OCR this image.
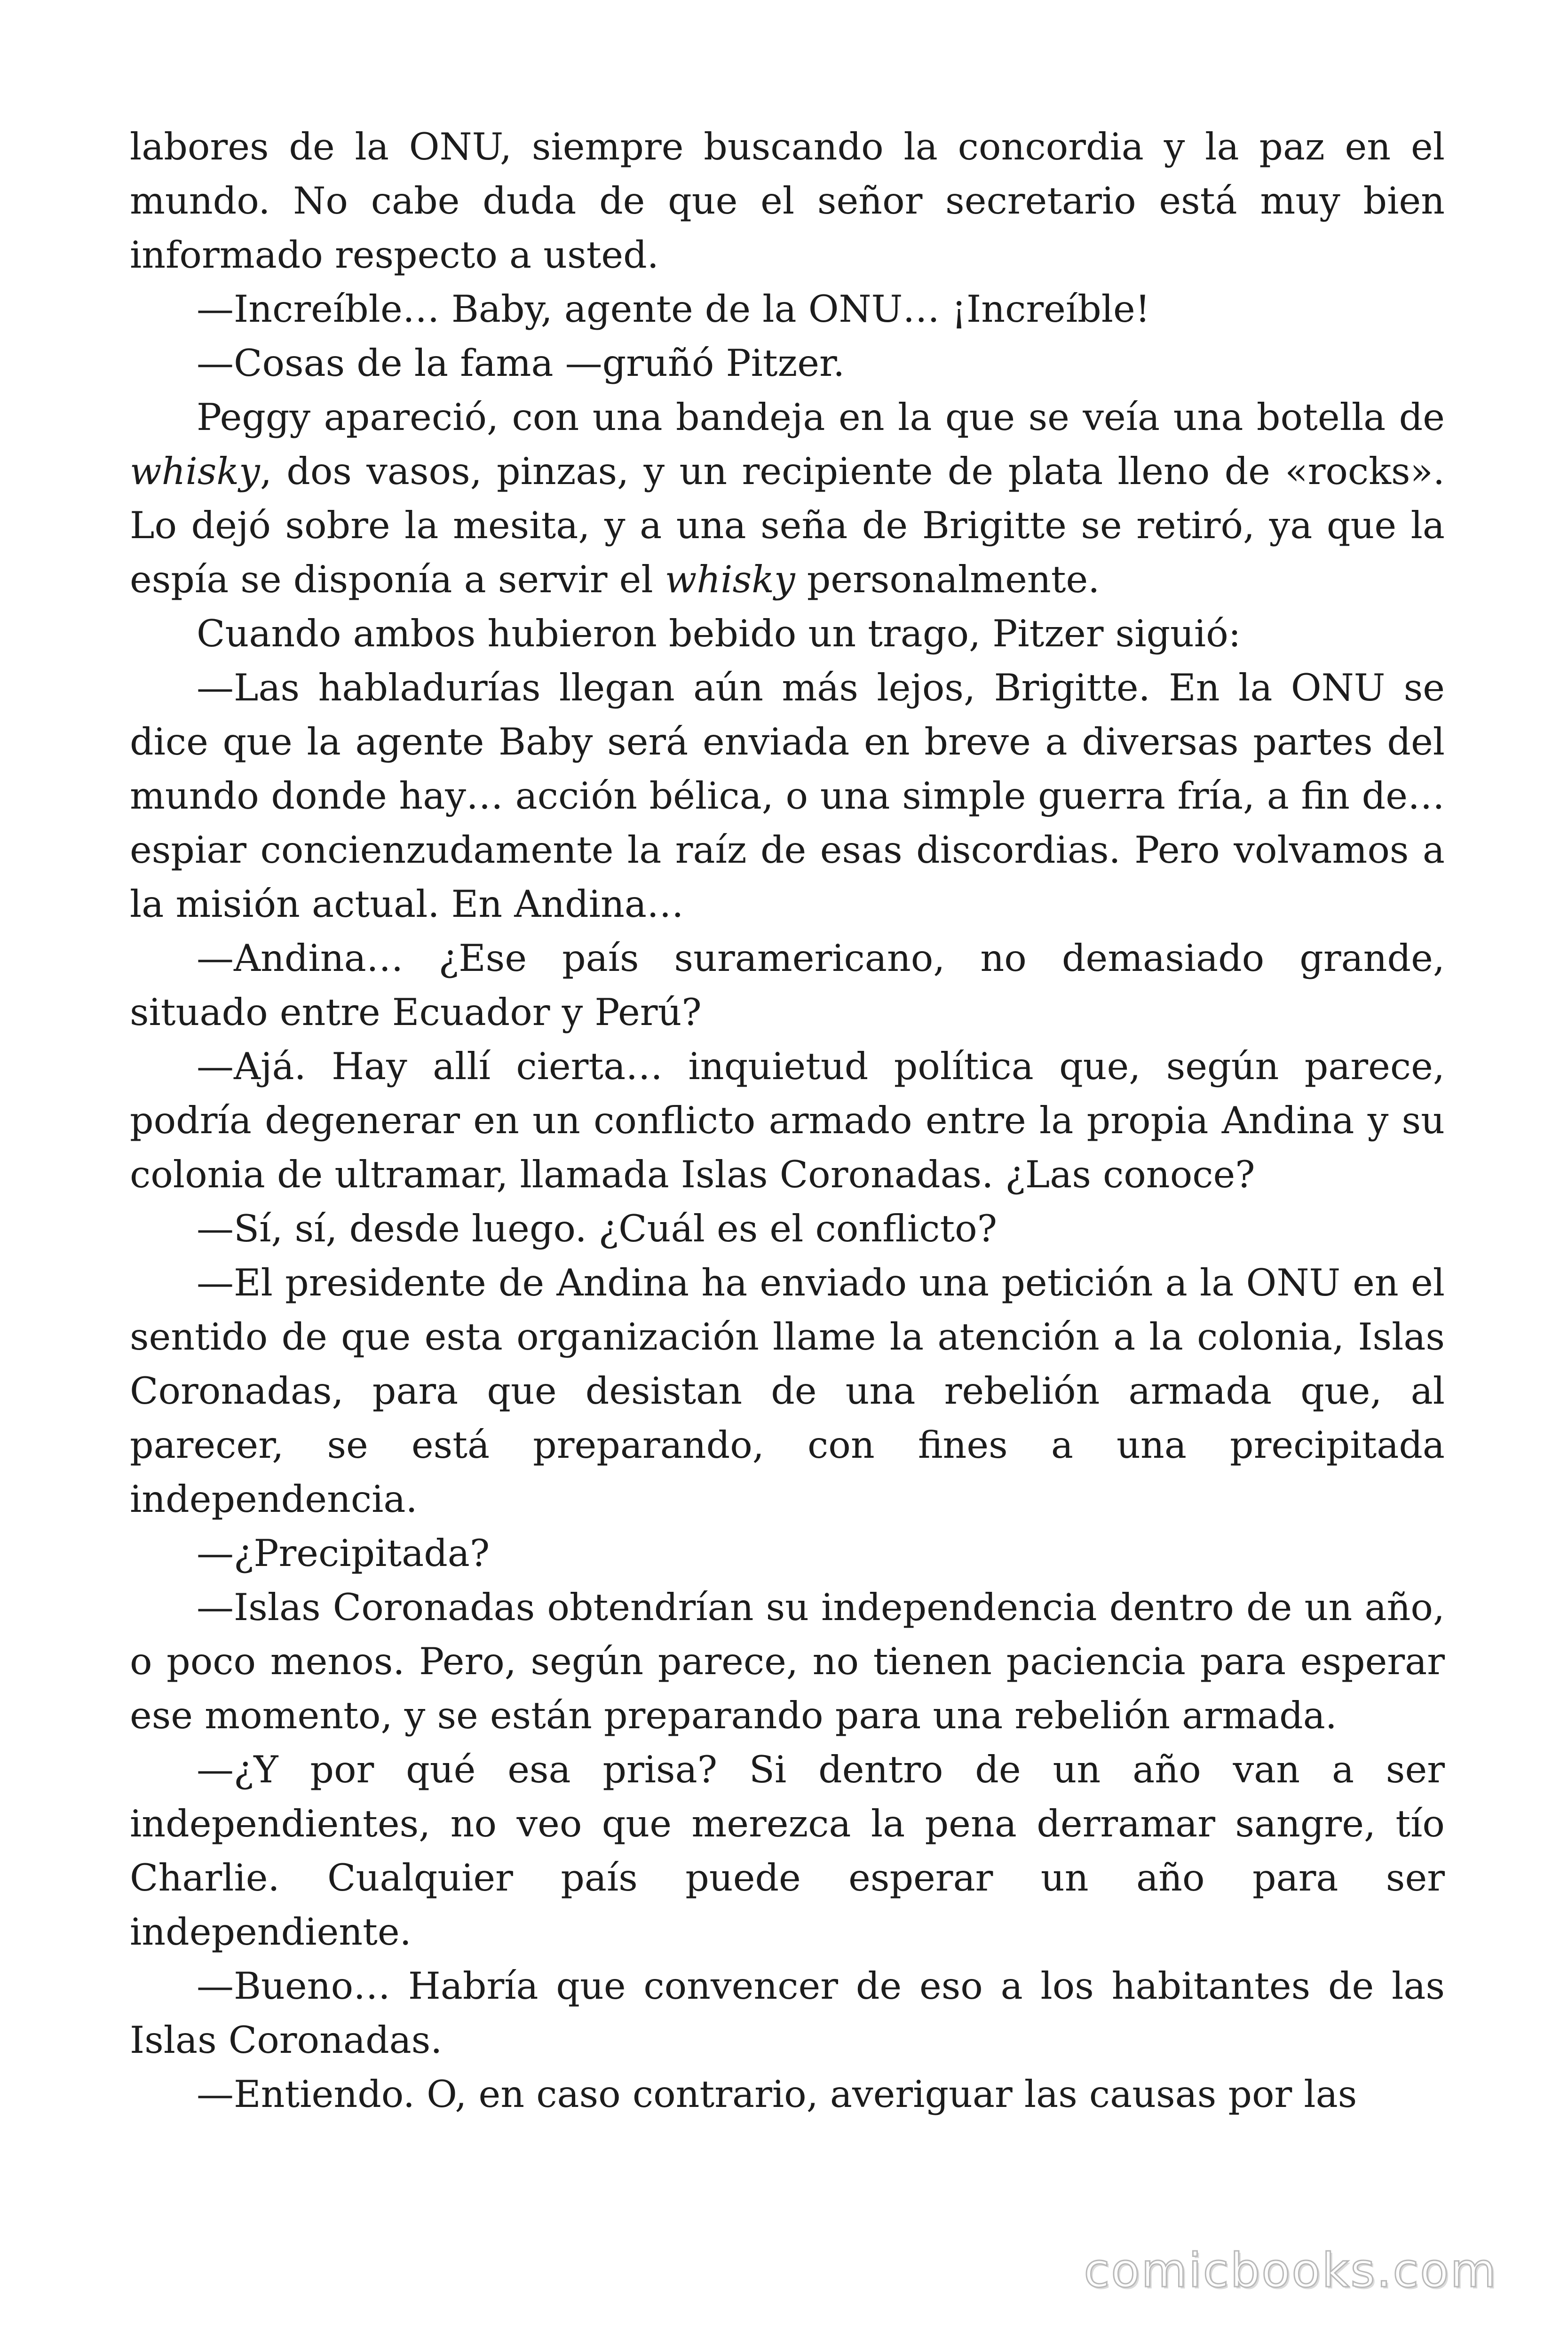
labores de la ONU, siempre buscando la concordia y la paz en el mundo. No cabe duda de que el señor secretario está muy bien informado respecto a usted.

—Increíble… Baby, agente de la ONU… ¡Increíble!

—Cosas de la fama —gruñó Pitzer.

Peggy apareció, con una bandeja en la que se veía una botella de whisky, dos vasos, pinzas, y un recipiente de plata lleno de «rocks». Lo dejó sobre la mesita, y a una seña de Brigitte se retiró, ya que la espía se disponía a servir el whisky personalmente.

Cuando ambos hubieron bebido un trago, Pitzer siguió:

—Las habladurías llegan aún más lejos, Brigitte. En la ONU se dice que la agente Baby será enviada en breve a diversas partes del mundo donde hay… acción bélica, o una simple guerra fría, a fin de… espiar concienzudamente la raíz de esas discordias. Pero volvamos a la misión actual. En Andina…

—Andina… ¿Ese país suramericano, no demasiado grande, situado entre Ecuador y Perú?

—Ajá. Hay allí cierta… inquietud política que, según parece, podría degenerar en un conflicto armado entre la propia Andina y su colonia de ultramar, llamada Islas Coronadas. ¿Las conoce?

—Sí, sí, desde luego. ¿Cuál es el conflicto?

—El presidente de Andina ha enviado una petición a la ONU en el sentido de que esta organización llame la atención a la colonia, Islas Coronadas, para que desistan de una rebelión armada que, al parecer, se está preparando, con fines a una precipitada independencia.

—¿Precipitada?

—Islas Coronadas obtendrían su independencia dentro de un año, o poco menos. Pero, según parece, no tienen paciencia para esperar ese momento, y se están preparando para una rebelión armada.

—¿Y por qué esa prisa? Si dentro de un año van a ser independientes, no veo que merezca la pena derramar sangre, tío Charlie. Cualquier país puede esperar un año para ser independiente.

—Bueno… Habría que convencer de eso a los habitantes de las Islas Coronadas.

—Entiendo. O, en caso contrario, averiguar las causas por las

comicbooks.com
